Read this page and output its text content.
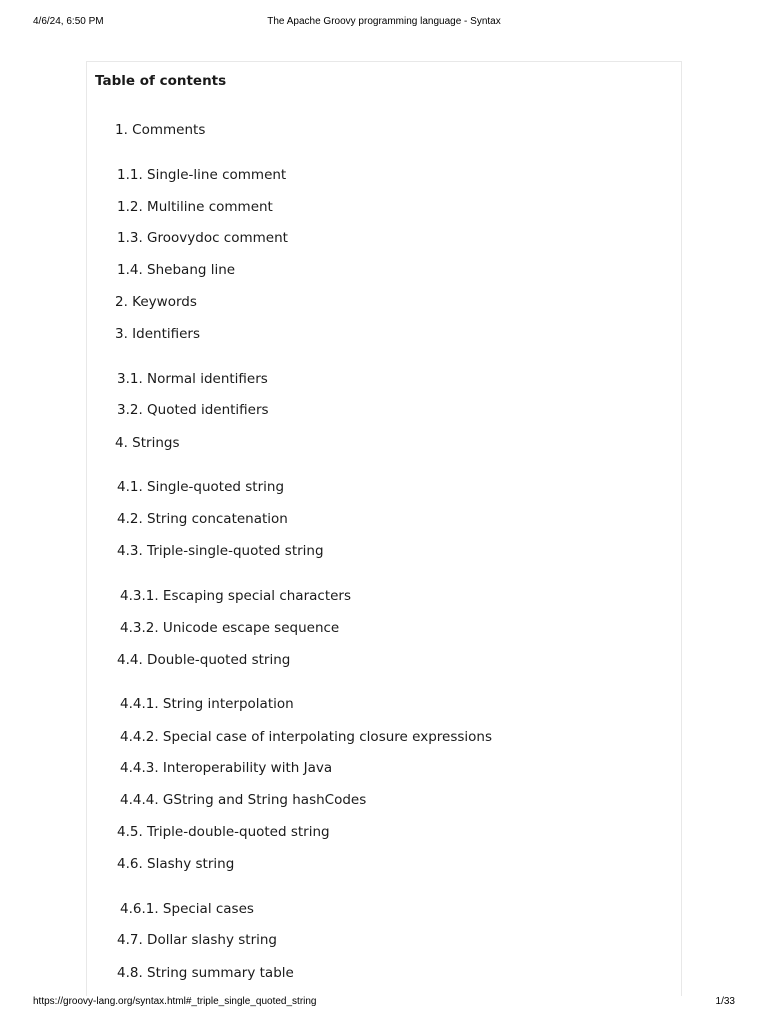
4/6/24, 6:50 PM	The Apache Groovy programming language - Syntax
Table of contents
1. Comments
1.1. Single-line comment
1.2. Multiline comment
1.3. Groovydoc comment
1.4. Shebang line
2. Keywords
3. Identifiers
3.1. Normal identifiers
3.2. Quoted identifiers
4. Strings
4.1. Single-quoted string
4.2. String concatenation
4.3. Triple-single-quoted string
4.3.1. Escaping special characters
4.3.2. Unicode escape sequence
4.4. Double-quoted string
4.4.1. String interpolation
4.4.2. Special case of interpolating closure expressions
4.4.3. Interoperability with Java
4.4.4. GString and String hashCodes
4.5. Triple-double-quoted string
4.6. Slashy string
4.6.1. Special cases
4.7. Dollar slashy string
4.8. String summary table
https://groovy-lang.org/syntax.html#_triple_single_quoted_string	1/33
